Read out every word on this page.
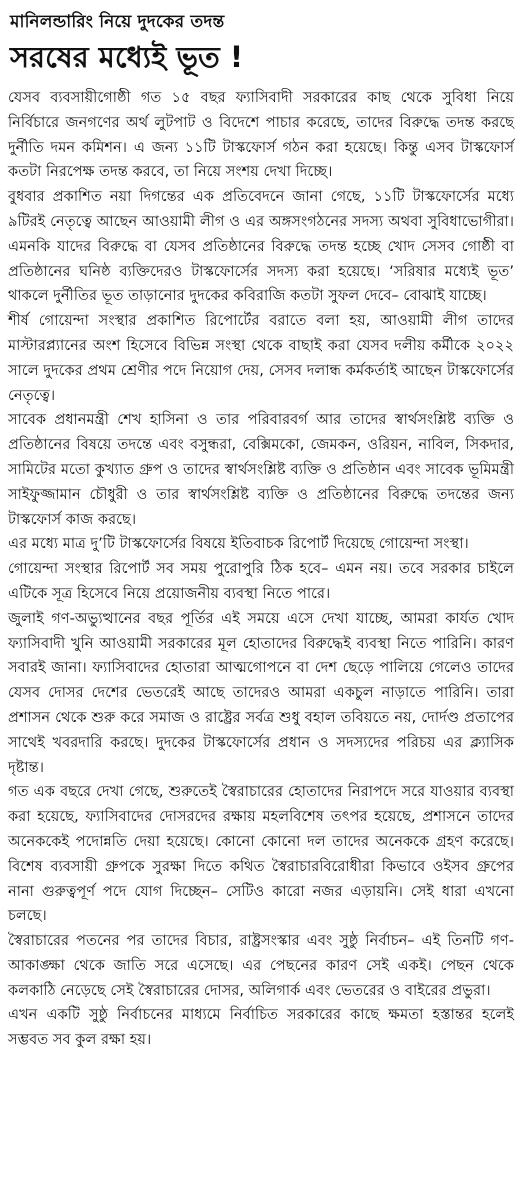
মানিলন্ডারিং নিয়ে দুদকের তদন্ত
সরষের মধ্যেই ভূত !

যেসব ব্যবসায়ীগোষ্ঠী গত ১৫ বছর ফ্যাসিবাদী সরকারের কাছ থেকে সুবিধা নিয়ে নির্বিচারে জনগণের অর্থ লুটপাট ও বিদেশে পাচার করেছে, তাদের বিরুদ্ধে তদন্ত করছে দুর্নীতি দমন কমিশন। এ জন্য ১১টি টাস্কফোর্স গঠন করা হয়েছে। কিন্তু এসব টাস্কফোর্স কতটা নিরপেক্ষ তদন্ত করবে, তা নিয়ে সংশয় দেখা দিচ্ছে।

বুধবার প্রকাশিত নয়া দিগন্তের এক প্রতিবেদনে জানা গেছে, ১১টি টাস্কফোর্সের মধ্যে ৯টিরই নেতৃত্বে আছেন আওয়ামী লীগ ও এর অঙ্গসংগঠনের সদস্য অথবা সুবিধাভোগীরা। এমনকি যাদের বিরুদ্ধে বা যেসব প্রতিষ্ঠানের বিরুদ্ধে তদন্ত হচ্ছে খোদ সেসব গোষ্ঠী বা প্রতিষ্ঠানের ঘনিষ্ঠ ব্যক্তিদেরও টাস্কফোর্সের সদস্য করা হয়েছে। ‘সরিষার মধ্যেই ভূত’ থাকলে দুর্নীতির ভূত তাড়ানোর দুদকের কবিরাজি কতটা সুফল দেবে– বোঝাই যাচ্ছে।

শীর্ষ গোয়েন্দা সংস্থার প্রকাশিত রিপোর্টের বরাতে বলা হয়, আওয়ামী লীগ তাদের মাস্টারপ্ল্যানের অংশ হিসেবে বিভিন্ন সংস্থা থেকে বাছাই করা যেসব দলীয় কর্মীকে ২০২২ সালে দুদকের প্রথম শ্রেণীর পদে নিয়োগ দেয়, সেসব দলান্ধ কর্মকর্তাই আছেন টাস্কফোর্সের নেতৃত্বে।

সাবেক প্রধানমন্ত্রী শেখ হাসিনা ও তার পরিবারবর্গ আর তাদের স্বার্থসংশ্লিষ্ট ব্যক্তি ও প্রতিষ্ঠানের বিষয়ে তদন্তে এবং বসুন্ধরা, বেক্সিমকো, জেমকন, ওরিয়ন, নাবিল, সিকদার, সামিটের মতো কুখ্যাত গ্রুপ ও তাদের স্বার্থসংশ্লিষ্ট ব্যক্তি ও প্রতিষ্ঠান এবং সাবেক ভূমিমন্ত্রী সাইফুজ্জামান চৌধুরী ও তার স্বার্থসংশ্লিষ্ট ব্যক্তি ও প্রতিষ্ঠানের বিরুদ্ধে তদন্তের জন্য টাস্কফোর্স কাজ করছে।

এর মধ্যে মাত্র দু’টি টাস্কফোর্সের বিষয়ে ইতিবাচক রিপোর্ট দিয়েছে গোয়েন্দা সংস্থা।

গোয়েন্দা সংস্থার রিপোর্ট সব সময় পুরোপুরি ঠিক হবে– এমন নয়। তবে সরকার চাইলে এটিকে সূত্র হিসেবে নিয়ে প্রয়োজনীয় ব্যবস্থা নিতে পারে।

জুলাই গণ-অভ্যুত্থানের বছর পূর্তির এই সময়ে এসে দেখা যাচ্ছে, আমরা কার্যত খোদ ফ্যাসিবাদী খুনি আওয়ামী সরকারের মূল হোতাদের বিরুদ্ধেই ব্যবস্থা নিতে পারিনি। কারণ সবারই জানা। ফ্যাসিবাদের হোতারা আত্মগোপনে বা দেশ ছেড়ে পালিয়ে গেলেও তাদের যেসব দোসর দেশের ভেতরেই আছে তাদেরও আমরা একচুল নাড়াতে পারিনি। তারা প্রশাসন থেকে শুরু করে সমাজ ও রাষ্ট্রের সর্বত্র শুধু বহাল তবিয়তে নয়, দোর্দণ্ড প্রতাপের সাথেই খবরদারি করছে। দুদকের টাস্কফোর্সের প্রধান ও সদস্যদের পরিচয় এর ক্ল্যাসিক দৃষ্টান্ত।

গত এক বছরে দেখা গেছে, শুরুতেই স্বৈরাচারের হোতাদের নিরাপদে সরে যাওয়ার ব্যবস্থা করা হয়েছে, ফ্যাসিবাদের দোসরদের রক্ষায় মহলবিশেষ তৎপর হয়েছে, প্রশাসনে তাদের অনেককেই পদোন্নতি দেয়া হয়েছে। কোনো কোনো দল তাদের অনেককে গ্রহণ করেছে। বিশেষ ব্যবসায়ী গ্রুপকে সুরক্ষা দিতে কথিত স্বৈরাচারবিরোধীরা কিভাবে ওইসব গ্রুপের নানা গুরুত্বপূর্ণ পদে যোগ দিচ্ছেন– সেটিও কারো নজর এড়ায়নি। সেই ধারা এখনো চলছে।

স্বৈরাচারের পতনের পর তাদের বিচার, রাষ্ট্রসংস্কার এবং সুষ্ঠু নির্বাচন– এই তিনটি গণ-আকাঙ্ক্ষা থেকে জাতি সরে এসেছে। এর পেছনের কারণ সেই একই। পেছন থেকে কলকাঠি নেড়েছে সেই স্বৈরাচারের দোসর, অলিগার্ক এবং ভেতরের ও বাইরের প্রভুরা।

এখন একটি সুষ্ঠু নির্বাচনের মাধ্যমে নির্বাচিত সরকারের কাছে ক্ষমতা হস্তান্তর হলেই সম্ভবত সব কুল রক্ষা হয়।
